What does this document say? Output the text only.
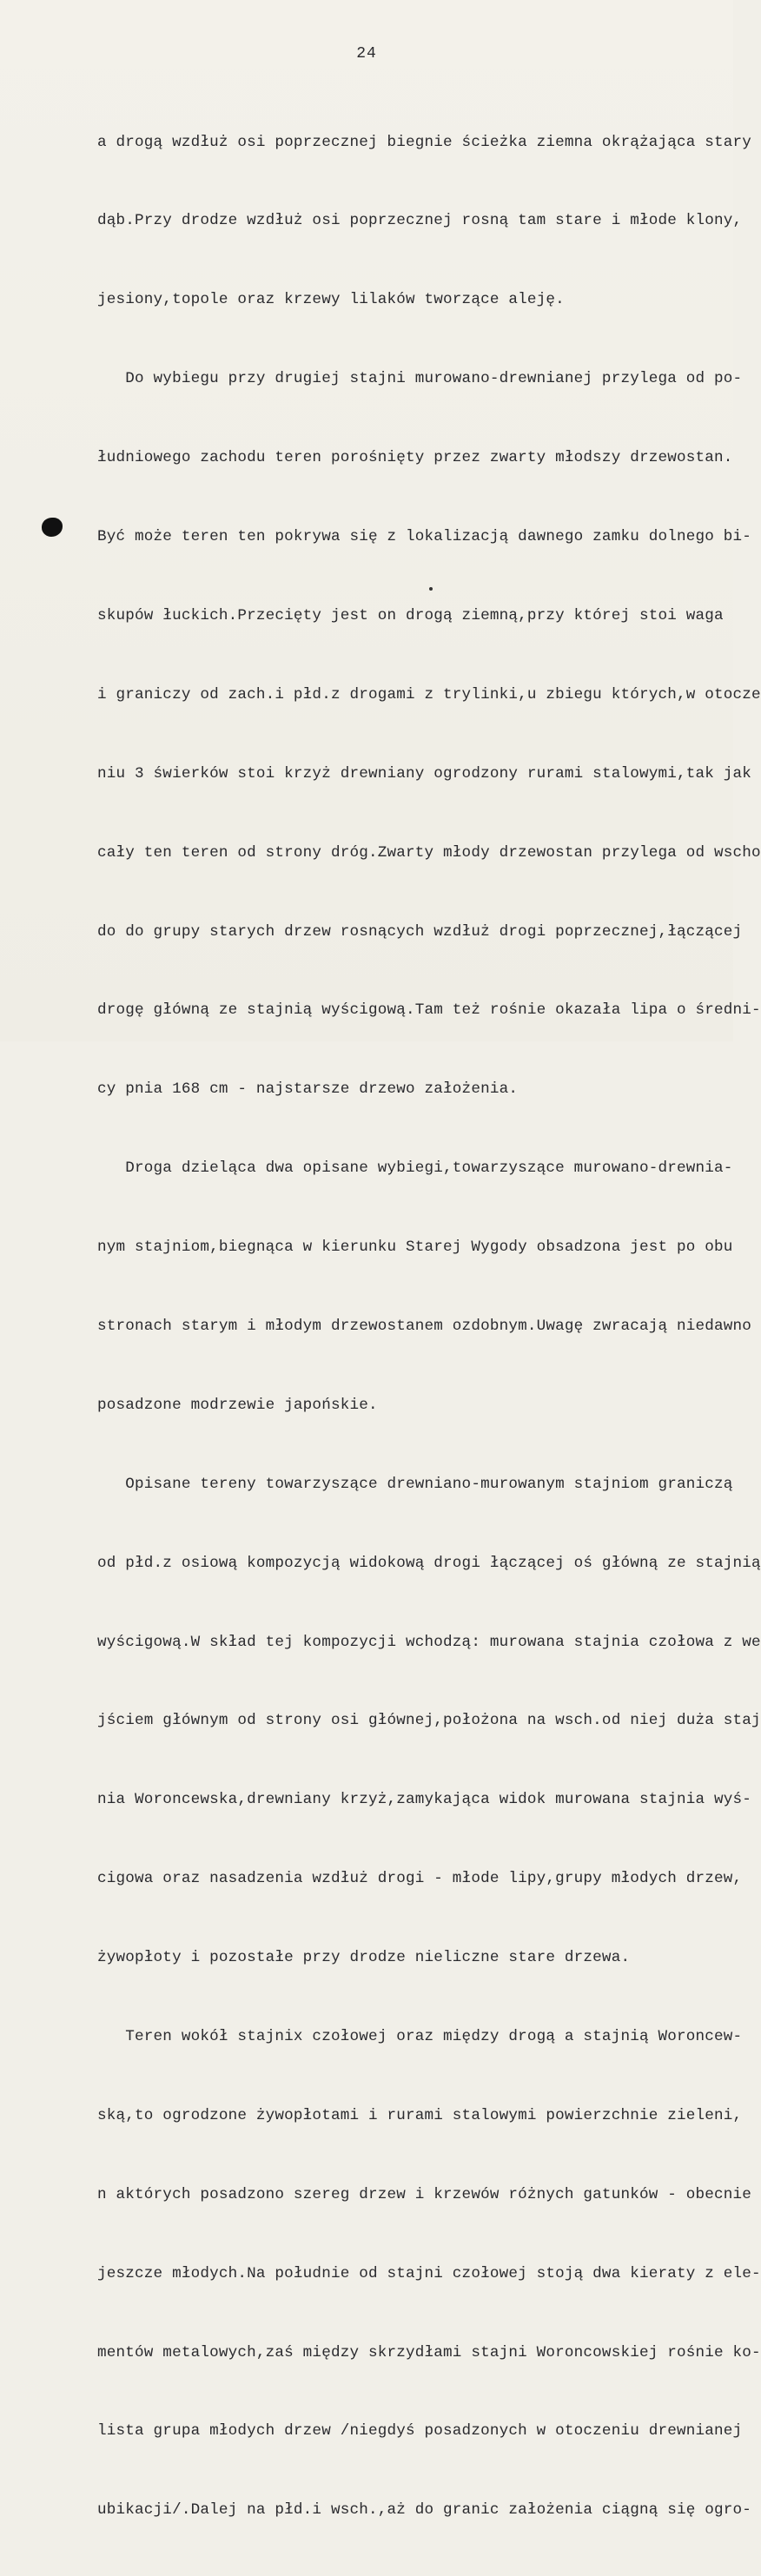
24

a drogą wzdłuż osi poprzecznej biegnie ścieżka ziemna okrążająca stary

dąb.Przy drodze wzdłuż osi poprzecznej rosną tam stare i młode klony,

jesiony,topole oraz krzewy lilaków tworzące aleję.

Do wybiegu przy drugiej stajni murowano-drewnianej przylega od po-

łudniowego zachodu teren porośnięty przez zwarty młodszy drzewostan.

Być może teren ten pokrywa się z lokalizacją dawnego zamku dolnego bi-

skupów łuckich.Przecięty jest on drogą ziemną,przy której stoi waga

i graniczy od zach.i płd.z drogami z trylinki,u zbiegu których,w otocze

niu 3 świerków stoi krzyż drewniany ogrodzony rurami stalowymi,tak jak

cały ten teren od strony dróg.Zwarty młody drzewostan przylega od wscho

do do grupy starych drzew rosnących wzdłuż drogi poprzecznej,łączącej

drogę główną ze stajnią wyścigową.Tam też rośnie okazała lipa o średni-

cy pnia 168 cm - najstarsze drzewo założenia.

Droga dzieląca dwa opisane wybiegi,towarzyszące murowano-drewnia-

nym stajniom,biegnąca w kierunku Starej Wygody obsadzona jest po obu

stronach starym i młodym drzewostanem ozdobnym.Uwagę zwracają niedawno

posadzone modrzewie japońskie.

Opisane tereny towarzyszące drewniano-murowanym stajniom graniczą

od płd.z osiową kompozycją widokową drogi łączącej oś główną ze stajnią

wyścigową.W skład tej kompozycji wchodzą: murowana stajnia czołowa z we

jściem głównym od strony osi głównej,położona na wsch.od niej duża staj

nia Woroncewska,drewniany krzyż,zamykająca widok murowana stajnia wyś-

cigowa oraz nasadzenia wzdłuż drogi - młode lipy,grupy młodych drzew,

żywopłoty i pozostałe przy drodze nieliczne stare drzewa.

Teren wokół stajnix czołowej oraz między drogą a stajnią Woroncew-

ską,to ogrodzone żywopłotami i rurami stalowymi powierzchnie zieleni,

n aktórych posadzono szereg drzew i krzewów różnych gatunków - obecnie

jeszcze młodych.Na południe od stajni czołowej stoją dwa kieraty z ele-

mentów metalowych,zaś między skrzydłami stajni Woroncowskiej rośnie ko-

lista grupa młodych drzew /niegdyś posadzonych w otoczeniu drewnianej

ubikacji/.Dalej na płd.i wsch.,aż do granic założenia ciągną się ogro-
